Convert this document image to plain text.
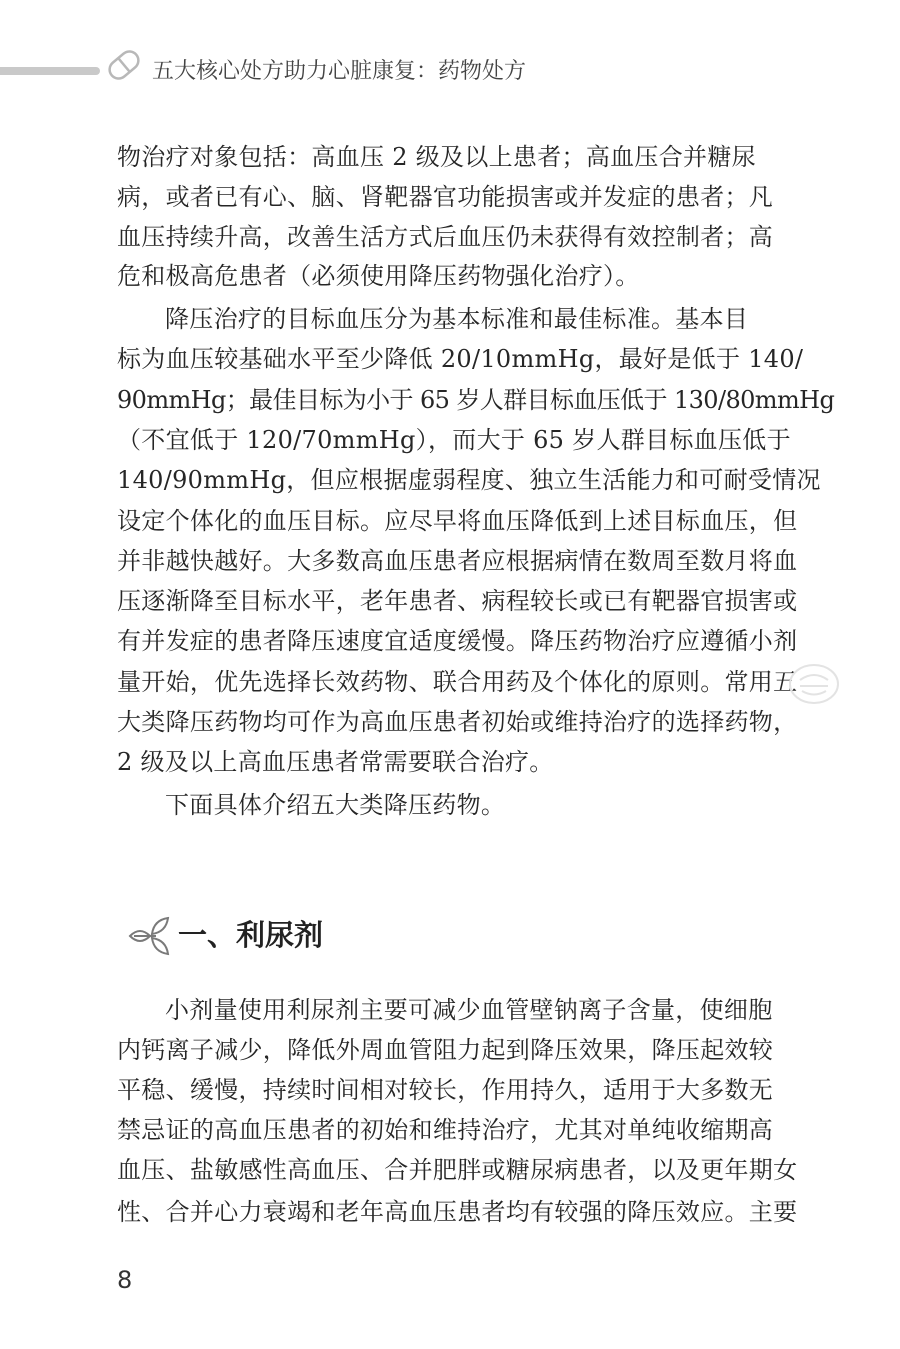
五大核心处方助力心脏康复：药物处方
物治疗对象包括：高血压 2 级及以上患者；高血压合并糖尿
病，或者已有心、脑、肾靶器官功能损害或并发症的患者；凡
血压持续升高，改善生活方式后血压仍未获得有效控制者；高
危和极高危患者（必须使用降压药物强化治疗）。
降压治疗的目标血压分为基本标准和最佳标准。基本目
标为血压较基础水平至少降低 20/10mmHg，最好是低于 140/
90mmHg；最佳目标为小于 65 岁人群目标血压低于 130/80mmHg
（不宜低于 120/70mmHg），而大于 65 岁人群目标血压低于
140/90mmHg，但应根据虚弱程度、独立生活能力和可耐受情况
设定个体化的血压目标。应尽早将血压降低到上述目标血压，但
并非越快越好。大多数高血压患者应根据病情在数周至数月将血
压逐渐降至目标水平，老年患者、病程较长或已有靶器官损害或
有并发症的患者降压速度宜适度缓慢。降压药物治疗应遵循小剂
量开始，优先选择长效药物、联合用药及个体化的原则。常用五
大类降压药物均可作为高血压患者初始或维持治疗的选择药物，
2 级及以上高血压患者常需要联合治疗。
下面具体介绍五大类降压药物。
一、利尿剂
小剂量使用利尿剂主要可减少血管壁钠离子含量，使细胞
内钙离子减少，降低外周血管阻力起到降压效果，降压起效较
平稳、缓慢，持续时间相对较长，作用持久，适用于大多数无
禁忌证的高血压患者的初始和维持治疗，尤其对单纯收缩期高
血压、盐敏感性高血压、合并肥胖或糖尿病患者，以及更年期女
性、合并心力衰竭和老年高血压患者均有较强的降压效应。主要
8
